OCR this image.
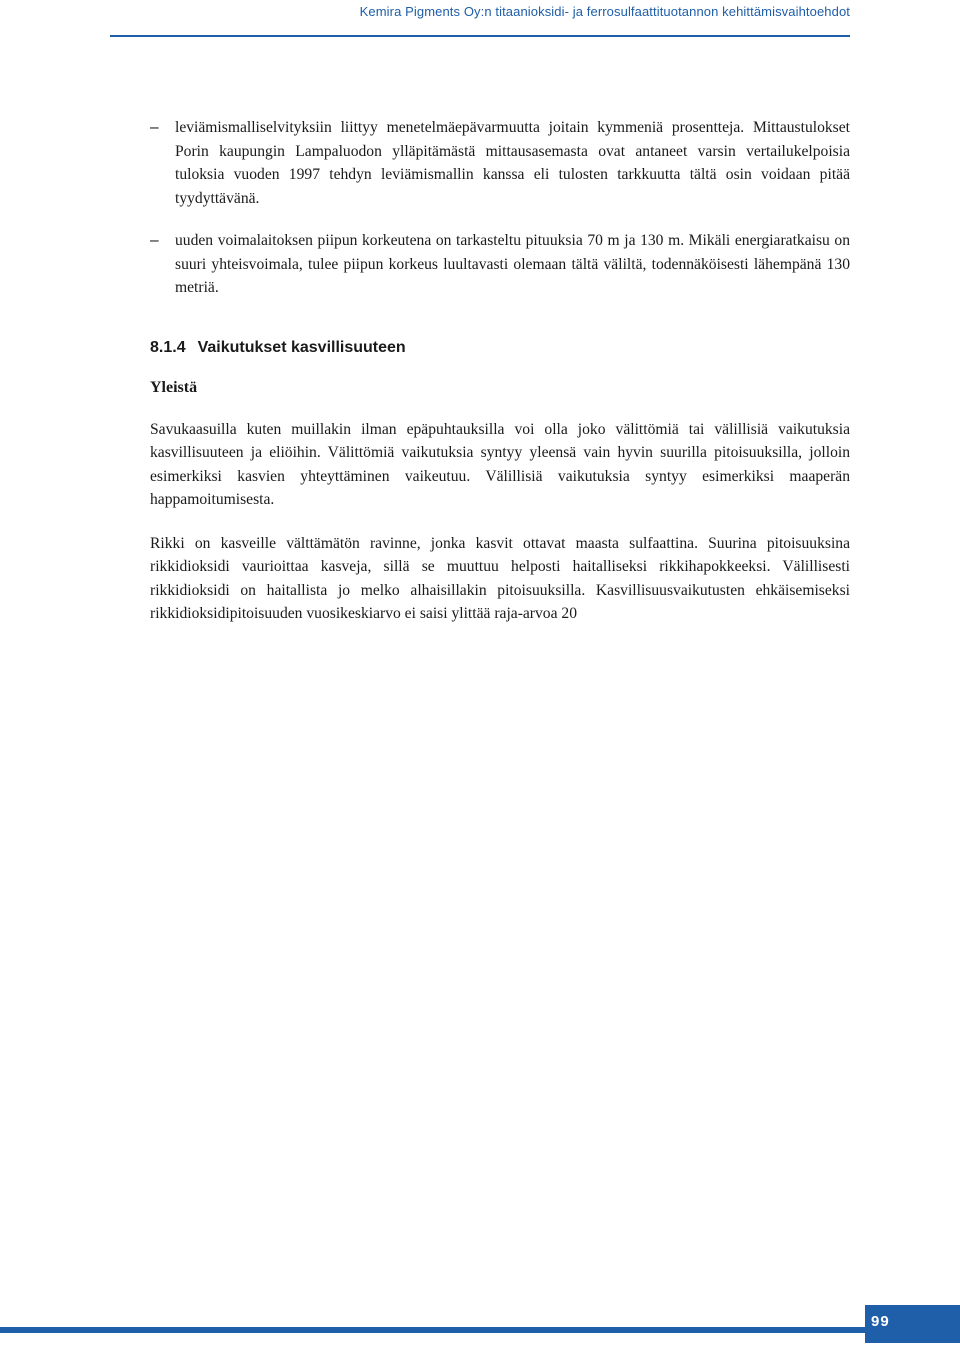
Kemira Pigments Oy:n titaanioksidi- ja ferrosulfaattituotannon kehittämisvaihtoehdot
– leviämismalliselvityksiin liittyy menetelmäepävarmuutta joitain kymmeniä prosentteja. Mittaustulokset Porin kaupungin Lampaluodon ylläpitämästä mittausasemasta ovat antaneet varsin vertailukelpoisia tuloksia vuoden 1997 tehdyn leviämismallin kanssa eli tulosten tarkkuutta tältä osin voidaan pitää tyydyttävänä.
– uuden voimalaitoksen piipun korkeutena on tarkasteltu pituuksia 70 m ja 130 m. Mikäli energiaratkaisu on suuri yhteisvoimala, tulee piipun korkeus luultavasti olemaan tältä väliltä, todennäköisesti lähempänä 130 metriä.
8.1.4 Vaikutukset kasvillisuuteen
Yleistä

Savukaasuilla kuten muillakin ilman epäpuhtauksilla voi olla joko välittömiä tai välillisiä vaikutuksia kasvillisuuteen ja eliöihin. Välittömiä vaikutuksia syntyy yleensä vain hyvin suurilla pitoisuuksilla, jolloin esimerkiksi kasvien yhteyttäminen vaikeutuu. Välillisiä vaikutuksia syntyy esimerkiksi maaperän happamoitumisesta.

Rikki on kasveille välttämätön ravinne, jonka kasvit ottavat maasta sulfaattina. Suurina pitoisuuksina rikkidioksidi vaurioittaa kasveja, sillä se muuttuu helposti haitalliseksi rikkihapokkeeksi. Välillisesti rikkidioksidi on haitallista jo melko alhaisillakin pitoisuuksilla. Kasvillisuusvaikutusten ehkäisemiseksi rikkidioksidipitoisuuden vuosikeskiarvo ei saisi ylittää raja-arvoa 20

99
